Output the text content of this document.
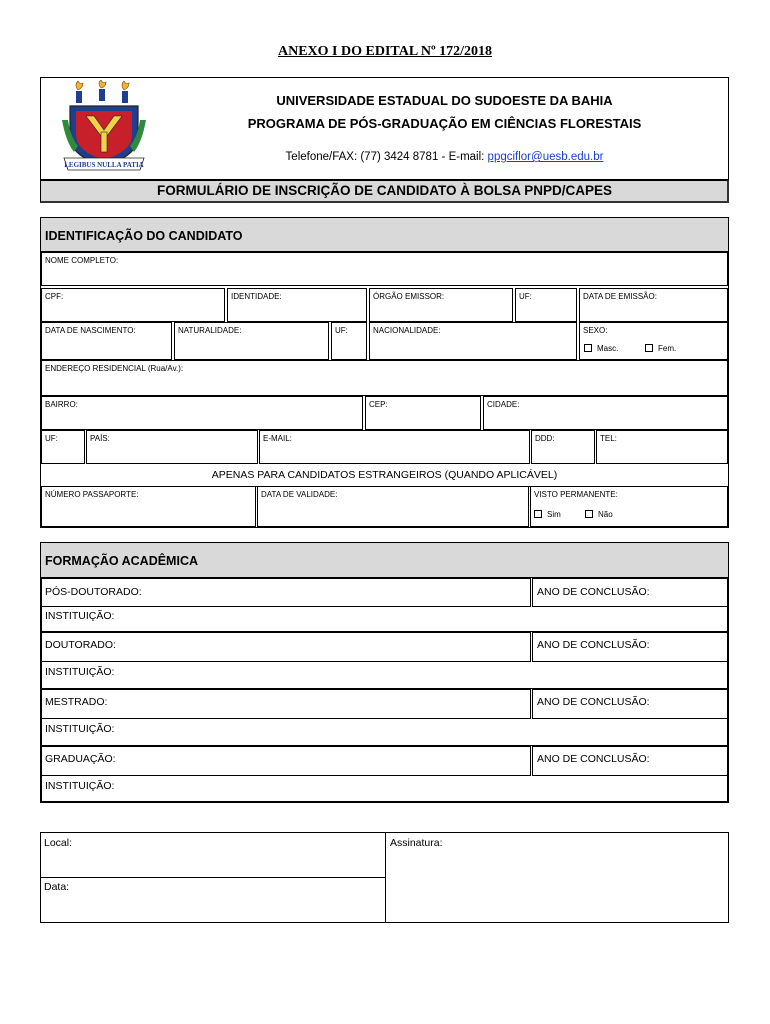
ANEXO I DO EDITAL Nº 172/2018
LEGIBUS NULLA PATIA
UNIVERSIDADE ESTADUAL DO SUDOESTE DA BAHIA
PROGRAMA DE PÓS-GRADUAÇÃO EM CIÊNCIAS FLORESTAIS
Telefone/FAX: (77) 3424 8781 - E-mail: ppgciflor@uesb.edu.br
FORMULÁRIO DE INSCRIÇÃO DE CANDIDATO À BOLSA PNPD/CAPES
IDENTIFICAÇÃO DO CANDIDATO
NOME COMPLETO:
CPF:	IDENTIDADE:	ÓRGÃO EMISSOR:	UF:	DATA DE EMISSÃO:
DATA DE NASCIMENTO:	NATURALIDADE:	UF:	NACIONALIDADE:	SEXO:
Masc.	Fem.
ENDEREÇO RESIDENCIAL (Rua/Av.):
BAIRRO:	CEP:	CIDADE:
UF:	PAÍS:	E-MAIL:	DDD:	TEL:
APENAS PARA CANDIDATOS ESTRANGEIROS (QUANDO APLICÁVEL)
NÚMERO PASSAPORTE:	DATA DE VALIDADE:	VISTO PERMANENTE:
Sim	Não
FORMAÇÃO ACADÊMICA
PÓS-DOUTORADO:	ANO DE CONCLUSÃO:
INSTITUIÇÃO:
DOUTORADO:	ANO DE CONCLUSÃO:
INSTITUIÇÃO:
MESTRADO:	ANO DE CONCLUSÃO:
INSTITUIÇÃO:
GRADUAÇÃO:	ANO DE CONCLUSÃO:
INSTITUIÇÃO:
Local:
Data:
Assinatura:
